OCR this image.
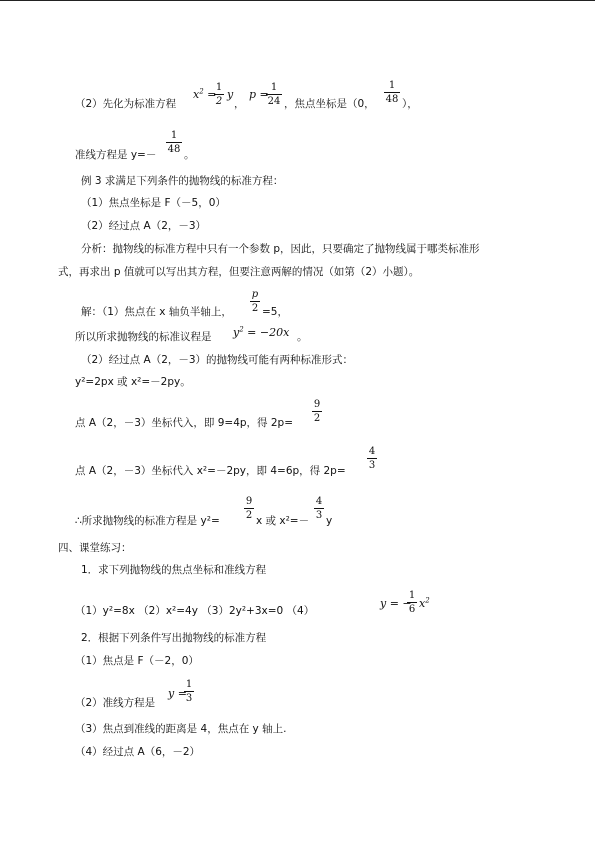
（2）先化为标准方程
$x^2$ =
1
2
y
，
p =
1
24 ，焦点坐标是（0，
1
48 ），
准线方程是 y=－
1
48 。
例 3 求满足下列条件的抛物线的标准方程：
（1）焦点坐标是 F（－5，0）
（2）经过点 A（2，－3）
分析：抛物线的标准方程中只有一个参数 p，因此，只要确定了抛物线属于哪类标准形
式，再求出 p 值就可以写出其方程，但要注意两解的情况（如第（2）小题）。
解：（1）焦点在 x 轴负半轴上，
p
2 =5，
所以所求抛物线的标准议程是 $y^2 = -20x$ 。
（2）经过点 A（2，－3）的抛物线可能有两种标准形式：
y²=2px 或 x²=－2py。
点 A（2，－3）坐标代入，即 9=4p，得 2p=
9
2
点 A（2，－3）坐标代入 x²=－2py，即 4=6p，得 2p=
4
3
∴所求抛物线的标准方程是 y²=
9
2 x 或 x²=－
4
3 y
四、课堂练习：
1．求下列抛物线的焦点坐标和准线方程
（1）y²=8x （2）x²=4y （3）2y²+3x=0 （4）
y = −
1
6 $x^2$
2．根据下列条件写出抛物线的标准方程
（1）焦点是 F（－2，0）
（2）准线方程是
y =
1
3
（3）焦点到准线的距离是 4，焦点在 y 轴上.
（4）经过点 A（6，－2）
